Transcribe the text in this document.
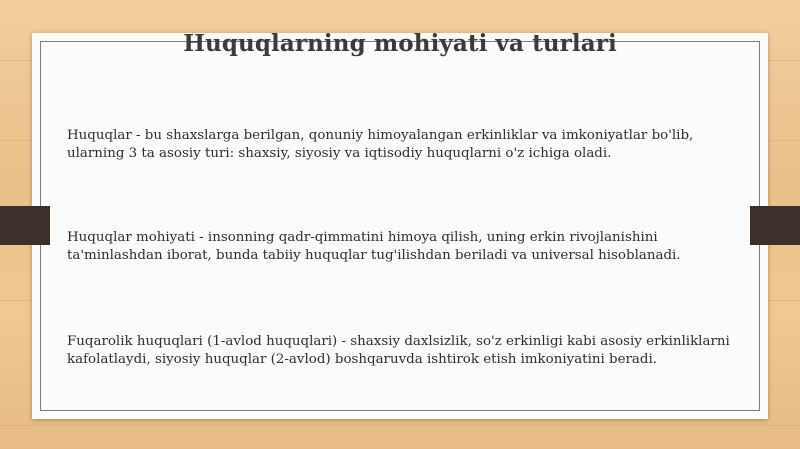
Huquqlarning mohiyati va turlari

Huquqlar - bu shaxslarga berilgan, qonuniy himoyalangan erkinliklar va imkoniyatlar bo'lib, ularning 3 ta asosiy turi: shaxsiy, siyosiy va iqtisodiy huquqlarni o'z ichiga oladi.

Huquqlar mohiyati - insonning qadr-qimmatini himoya qilish, uning erkin rivojlanishini ta'minlashdan iborat, bunda tabiiy huquqlar tug'ilishdan beriladi va universal hisoblanadi.

Fuqarolik huquqlari (1-avlod huquqlari) - shaxsiy daxlsizlik, so'z erkinligi kabi asosiy erkinliklarni kafolatlaydi, siyosiy huquqlar (2-avlod) boshqaruvda ishtirok etish imkoniyatini beradi.
